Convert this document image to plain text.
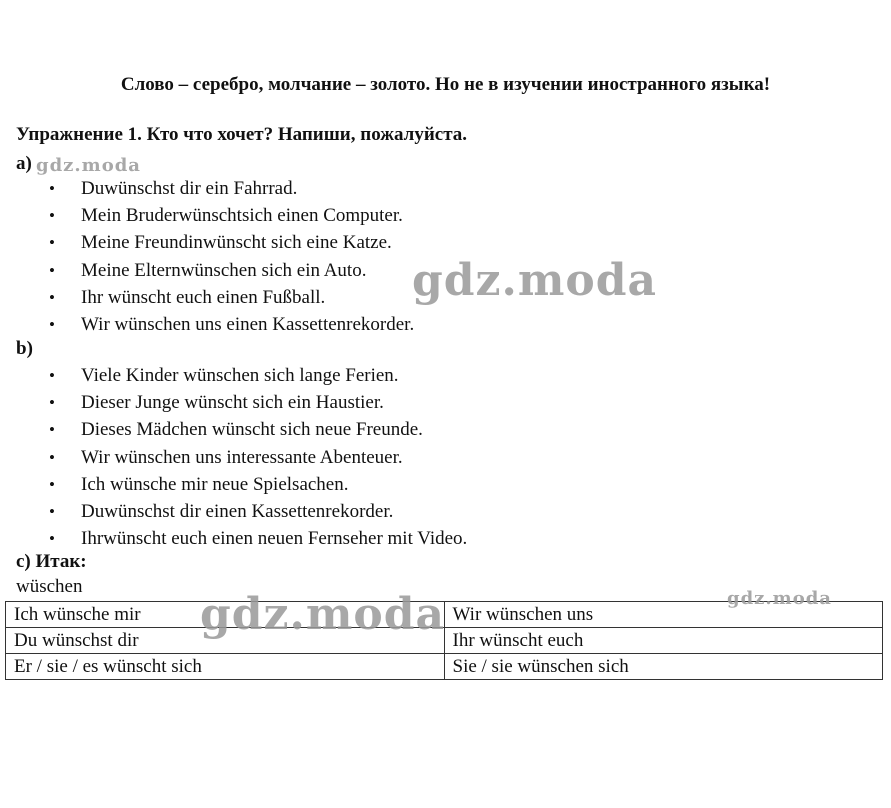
Слово – серебро, молчание – золото. Но не в изучении иностранного языка!
Упражнение 1. Кто что хочет? Напиши, пожалуйста.
a)
• Duwünschst dir ein Fahrrad.
• Mein Bruderwünschtsich einen Computer.
• Meine Freundinwünscht sich eine Katze.
• Meine Elternwünschen sich ein Auto.
• Ihr wünscht euch einen Fußball.
• Wir wünschen uns einen Kassettenrekorder.
b)
• Viele Kinder wünschen sich lange Ferien.
• Dieser Junge wünscht sich ein Haustier.
• Dieses Mädchen wünscht sich neue Freunde.
• Wir wünschen uns interessante Abenteuer.
• Ich wünsche mir neue Spielsachen.
• Duwünschst dir einen Kassettenrekorder.
• Ihrwünscht euch einen neuen Fernseher mit Video.
c) Итак:
wüschen
Ich wünsche mir	Wir wünschen uns
Du wünschst dir	Ihr wünscht euch
Er / sie / es wünscht sich	Sie / sie wünschen sich
gdz.moda
gdz.moda
gdz.moda	gdz.moda
